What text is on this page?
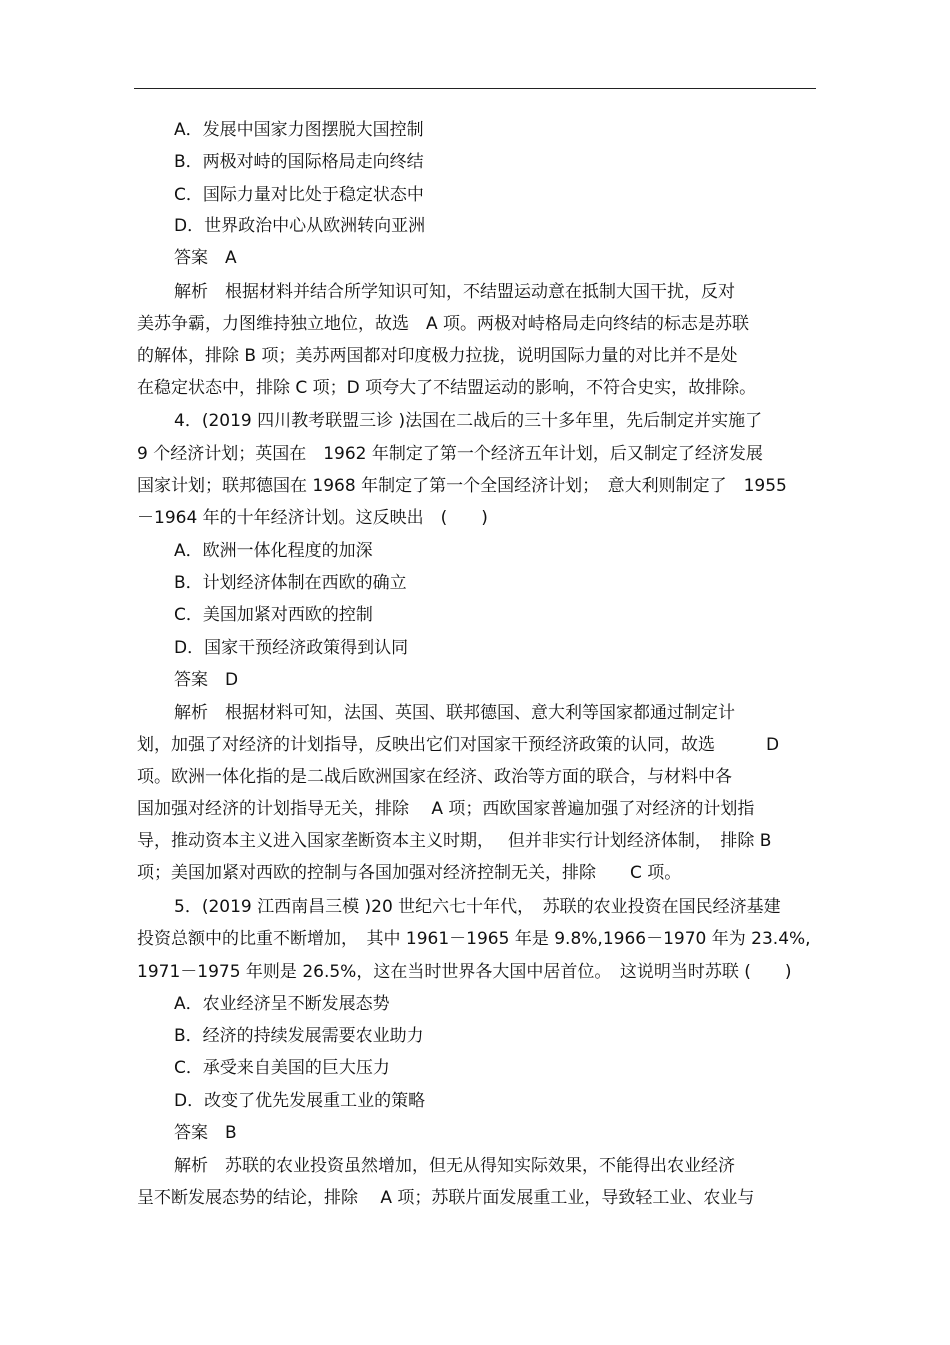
A．发展中国家力图摆脱大国控制
B．两极对峙的国际格局走向终结
C．国际力量对比处于稳定状态中
D．世界政治中心从欧洲转向亚洲
答案　A
解析　根据材料并结合所学知识可知，不结盟运动意在抵制大国干扰，反对
美苏争霸，力图维持独立地位，故选　A 项。两极对峙格局走向终结的标志是苏联
的解体，排除 B 项；美苏两国都对印度极力拉拢，说明国际力量的对比并不是处
在稳定状态中，排除 C 项；D 项夸大了不结盟运动的影响，不符合史实，故排除。
4．(2019 四川教考联盟三诊 )法国在二战后的三十多年里，先后制定并实施了
9 个经济计划；英国在　1962 年制定了第一个经济五年计划，后又制定了经济发展
国家计划；联邦德国在 1968 年制定了第一个全国经济计划；　意大利则制定了　1955
－1964 年的十年经济计划。这反映出　(　　)
A．欧洲一体化程度的加深
B．计划经济体制在西欧的确立
C．美国加紧对西欧的控制
D．国家干预经济政策得到认同
答案　D
解析　根据材料可知，法国、英国、联邦德国、意大利等国家都通过制定计
划，加强了对经济的计划指导，反映出它们对国家干预经济政策的认同，故选　　　D
项。欧洲一体化指的是二战后欧洲国家在经济、政治等方面的联合，与材料中各
国加强对经济的计划指导无关，排除　 A 项；西欧国家普遍加强了对经济的计划指
导，推动资本主义进入国家垄断资本主义时期，　 但并非实行计划经济体制，　排除 B
项；美国加紧对西欧的控制与各国加强对经济控制无关，排除　　C 项。
5．(2019 江西南昌三模 )20 世纪六七十年代，　苏联的农业投资在国民经济基建
投资总额中的比重不断增加，　其中 1961－1965 年是 9.8%,1966－1970 年为 23.4%,
1971－1975 年则是 26.5%，这在当时世界各大国中居首位。　这说明当时苏联 (　　)
A．农业经济呈不断发展态势
B．经济的持续发展需要农业助力
C．承受来自美国的巨大压力
D．改变了优先发展重工业的策略
答案　B
解析　苏联的农业投资虽然增加，但无从得知实际效果，不能得出农业经济
呈不断发展态势的结论，排除　 A 项；苏联片面发展重工业，导致轻工业、农业与
